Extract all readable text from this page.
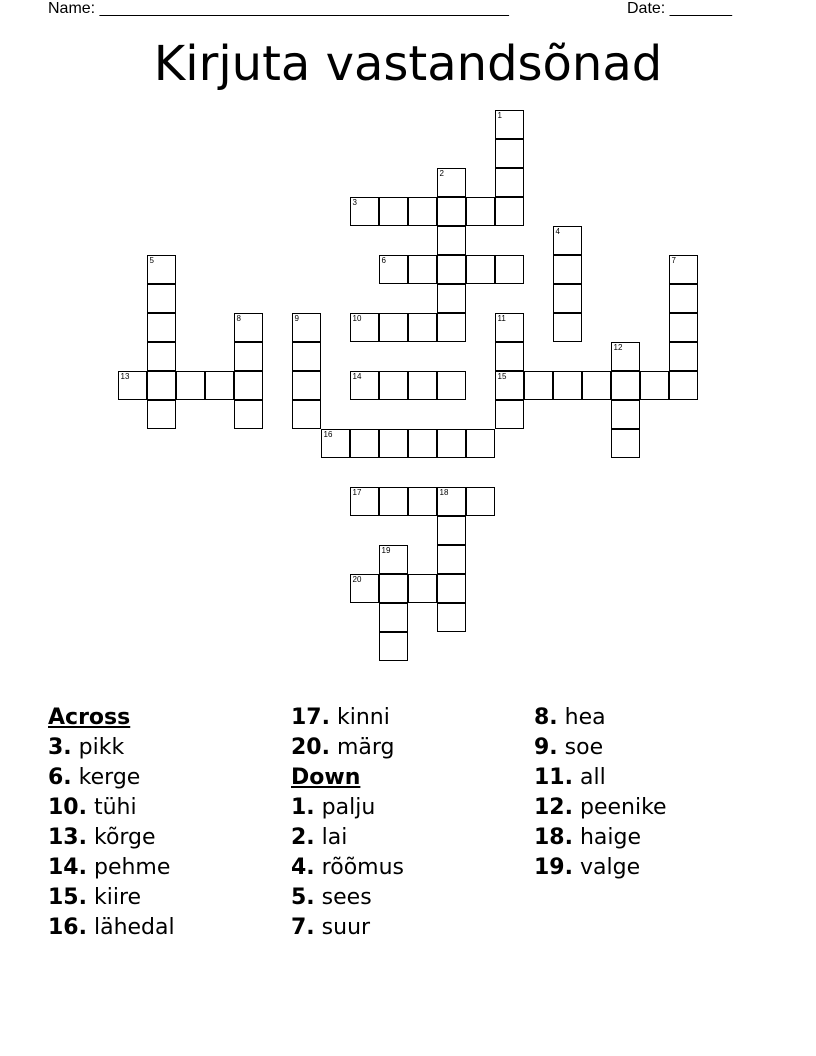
Name: ______________________________________________	Date: _______
Kirjuta vastandsõnad
1
2
3
4
5	6	7
8	9	10	11
15
12
13	14
16
17	18
19
20
Across
3. pikk
6. kerge
10. tühi
13. kõrge
14. pehme
15. kiire
16. lähedal
17. kinni
20. märg
Down
1. palju
2. lai
4. rõõmus
5. sees
7. suur
8. hea
9. soe
11. all
12. peenike
18. haige
19. valge
